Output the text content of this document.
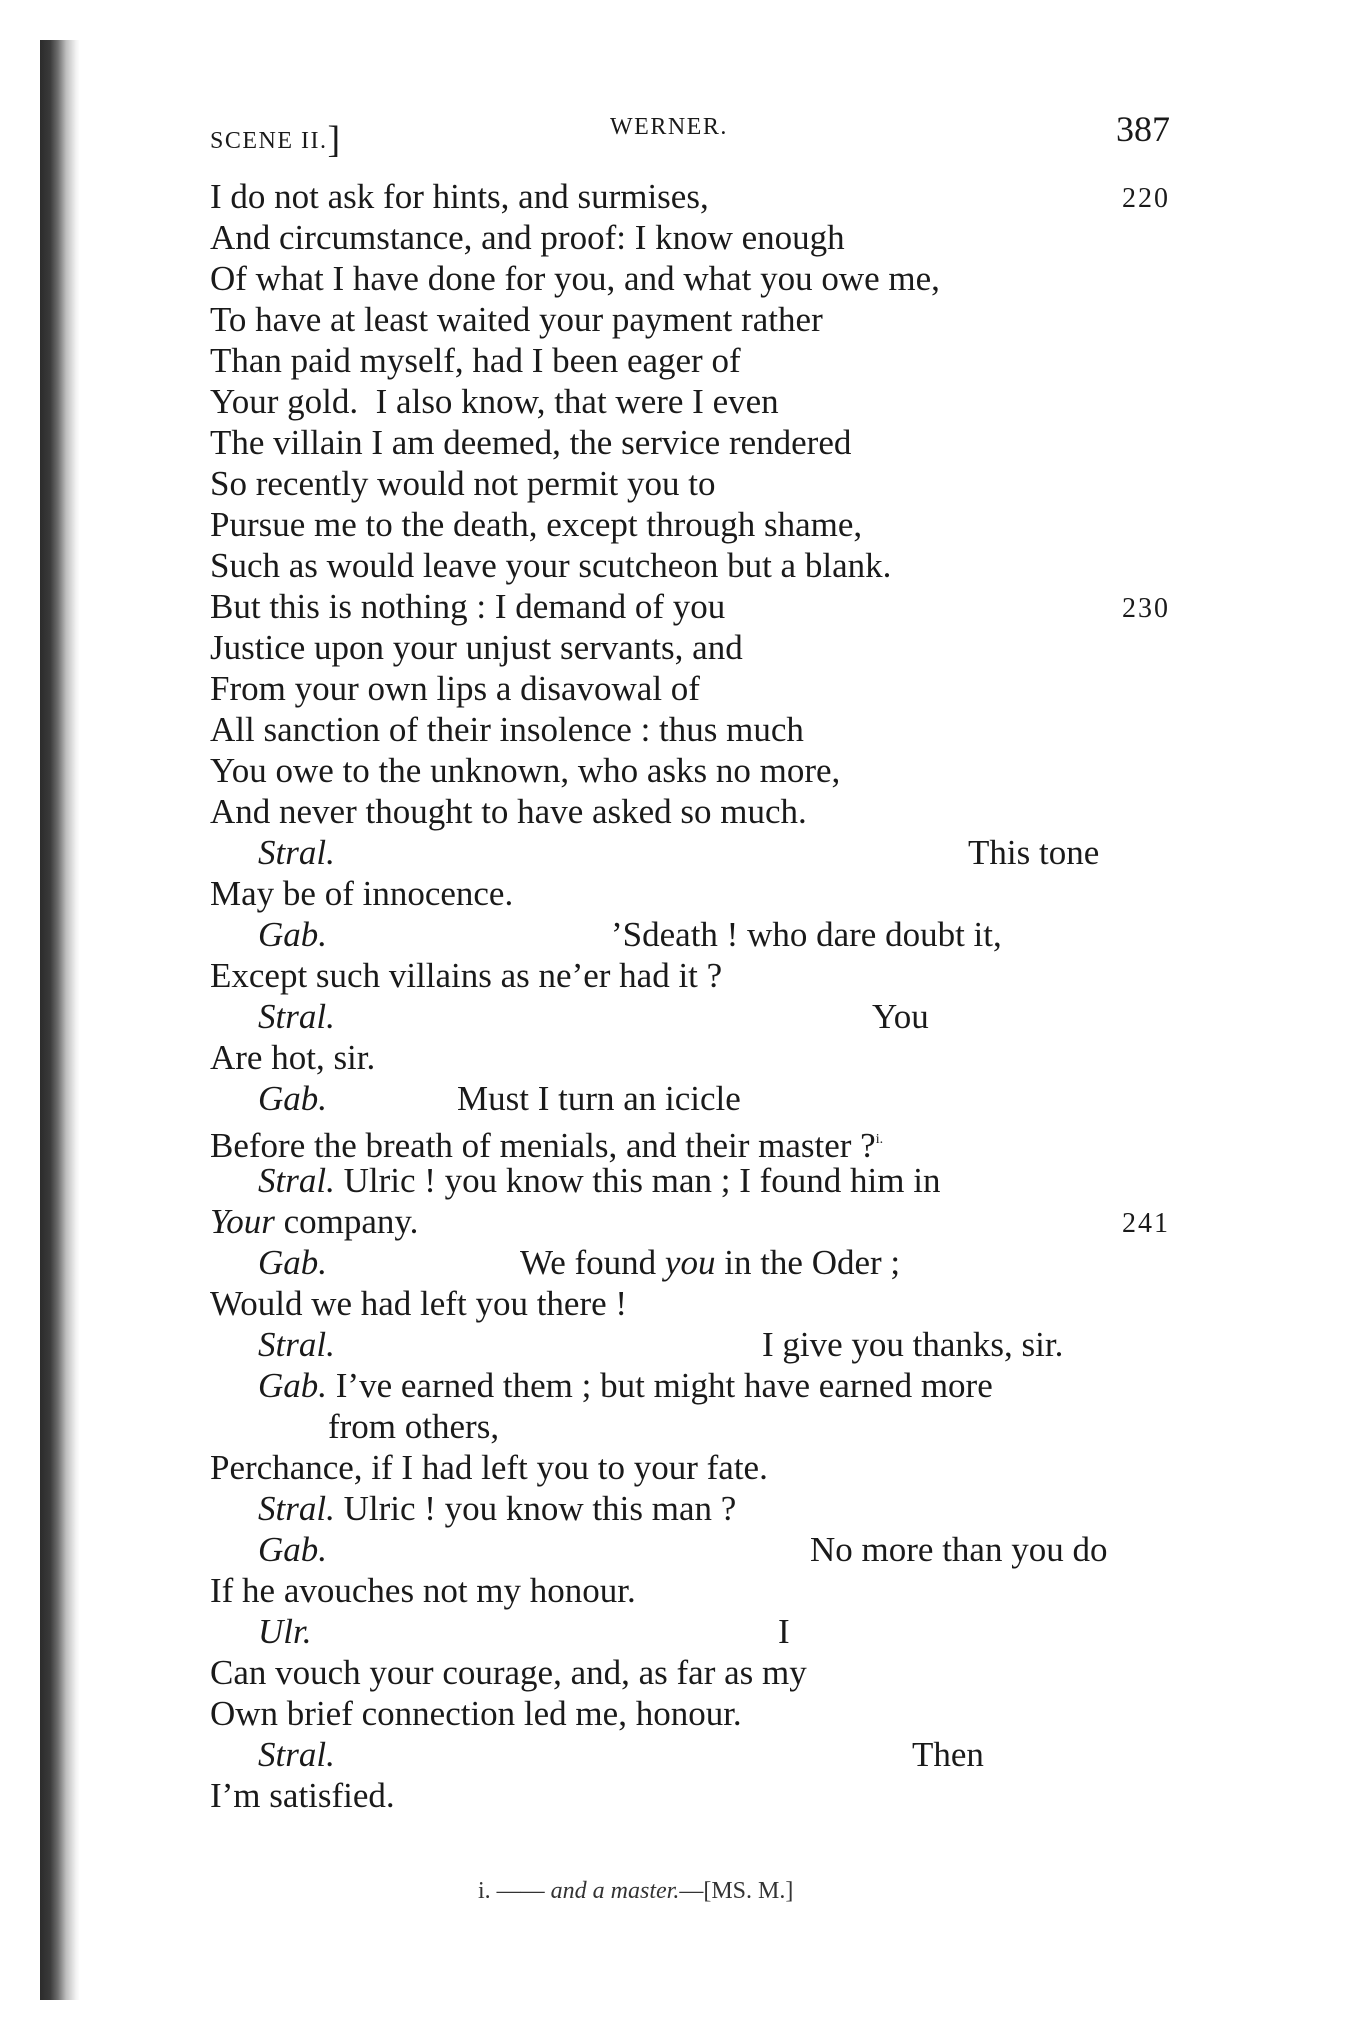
SCENE II.]	WERNER.	387
I do not ask for hints, and surmises,	220
And circumstance, and proof: I know enough
Of what I have done for you, and what you owe me,
To have at least waited your payment rather
Than paid myself, had I been eager of
Your gold.  I also know, that were I even
The villain I am deemed, the service rendered
So recently would not permit you to
Pursue me to the death, except through shame,
Such as would leave your scutcheon but a blank.
But this is nothing : I demand of you	230
Justice upon your unjust servants, and
From your own lips a disavowal of
All sanction of their insolence : thus much
You owe to the unknown, who asks no more,
And never thought to have asked so much.
Stral.	This tone
May be of innocence.
Gab.	’Sdeath ! who dare doubt it,
Except such villains as ne’er had it ?
Stral.	You
Are hot, sir.
Gab.	Must I turn an icicle
Before the breath of menials, and their master ?$^{i.}$
Stral. Ulric ! you know this man ; I found him in
Your company.	241
Gab.	We found you in the Oder ;
Would we had left you there !
Stral.	I give you thanks, sir.
Gab. I’ve earned them ; but might have earned more
from others,
Perchance, if I had left you to your fate.
Stral. Ulric ! you know this man ?
Gab.	No more than you do
If he avouches not my honour.
Ulr.	I
Can vouch your courage, and, as far as my
Own brief connection led me, honour.
Stral.	Then
I’m satisfied.
i. —— and a master.—[MS. M.]
